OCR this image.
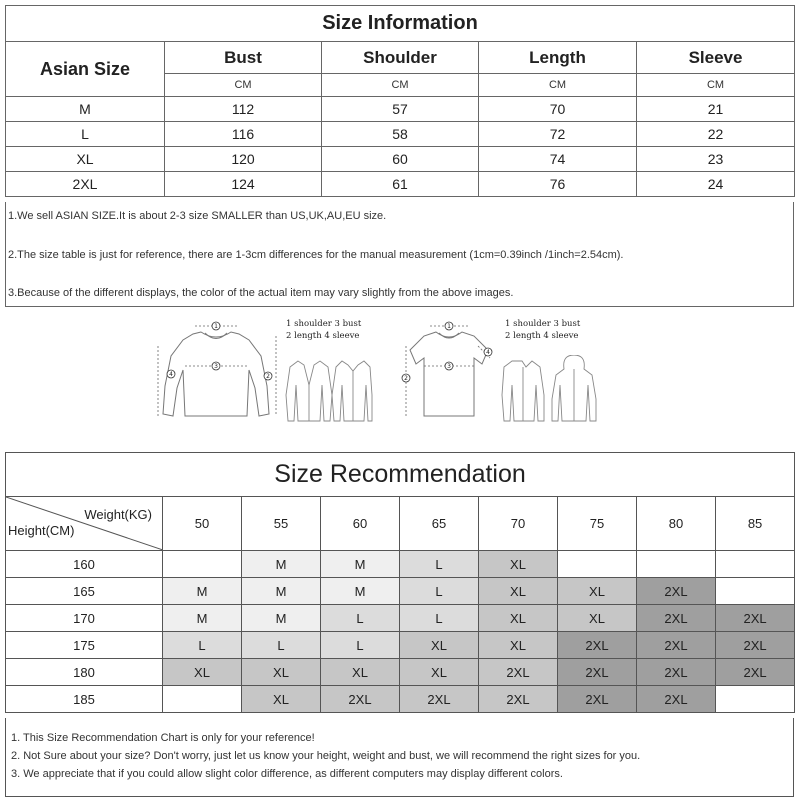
Size Information				
Asian Size	Bust	Shoulder	Length	Sleeve
	CM	CM	CM	CM
M	112	57	70	21
L	116	58	72	22
XL	120	60	74	23
2XL	124	61	76	24
1.We sell ASIAN SIZE.It is about 2-3 size SMALLER than US,UK,AU,EU size.
2.The size table is just for reference, there are 1-3cm differences for the manual measurement (1cm=0.39inch /1inch=2.54cm).
3.Because of the different displays, the color of the actual item may vary slightly from the above images.
1
3
4	2
1 shoulder 3 bust
2 length 4 sleeve
1
3
2
4
1 shoulder 3 bust
2 length 4 sleeve
Size Recommendation								

Weight(KG)
Height(CM)	50	55	60	65	70	75	80	85
160		M	M	L	XL			
165	M	M	M	L	XL	XL	2XL	
170	M	M	L	L	XL	XL	2XL	2XL
175	L	L	L	XL	XL	2XL	2XL	2XL
180	XL	XL	XL	XL	2XL	2XL	2XL	2XL
185		XL	2XL	2XL	2XL	2XL	2XL	
1. This Size Recommendation Chart is only for your reference!
2. Not Sure about your size? Don't worry, just let us know your height, weight and bust, we will recommend the right sizes for you.
3. We appreciate that if you could allow slight color difference, as different computers may display different colors.
